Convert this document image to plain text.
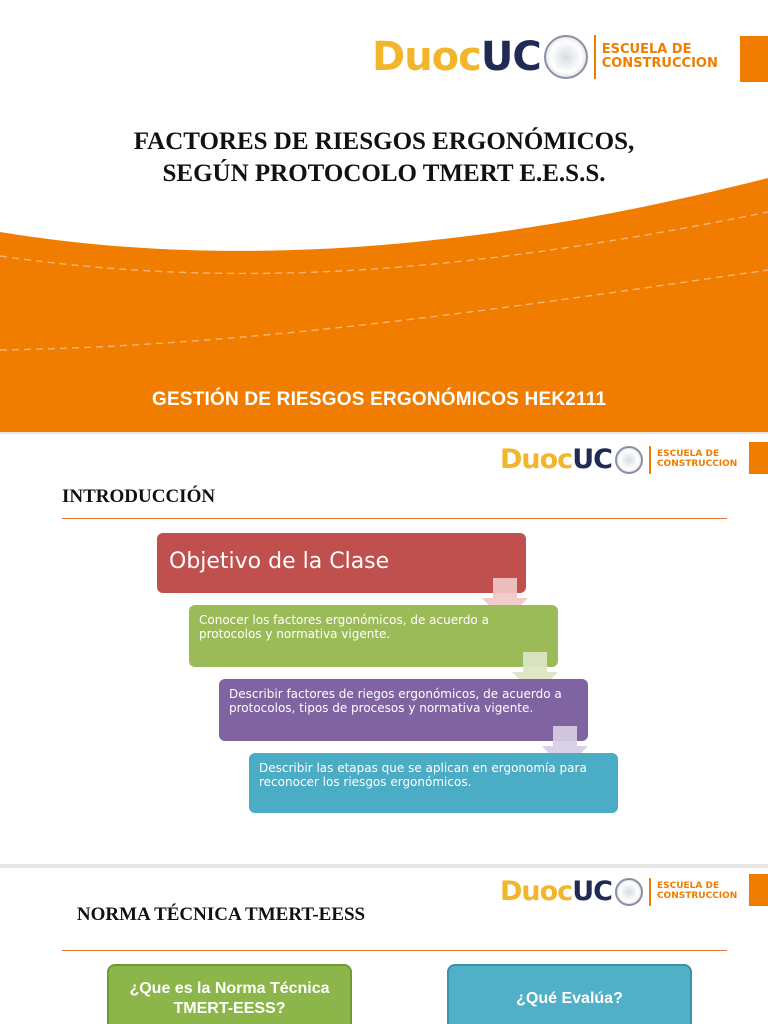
Duoc UC	ESCUELA DE
CONSTRUCCION
FACTORES DE RIESGOS ERGONÓMICOS,
SEGÚN PROTOCOLO TMERT E.E.S.S.
GESTIÓN DE RIESGOS ERGONÓMICOS HEK2111
Duoc UC	ESCUELA DE
CONSTRUCCION
INTRODUCCIÓN
Objetivo de la Clase
Conocer los factores ergonómicos, de acuerdo a protocolos y normativa vigente.
Describir factores de riegos ergonómicos, de acuerdo a protocolos, tipos de procesos y normativa vigente.
Describir las etapas que se aplican en ergonomía para reconocer los riesgos ergonómicos.
Duoc UC	ESCUELA DE
CONSTRUCCION
NORMA TÉCNICA TMERT-EESS
¿Que es la Norma Técnica TMERT-EESS?
¿Qué Evalúa?
